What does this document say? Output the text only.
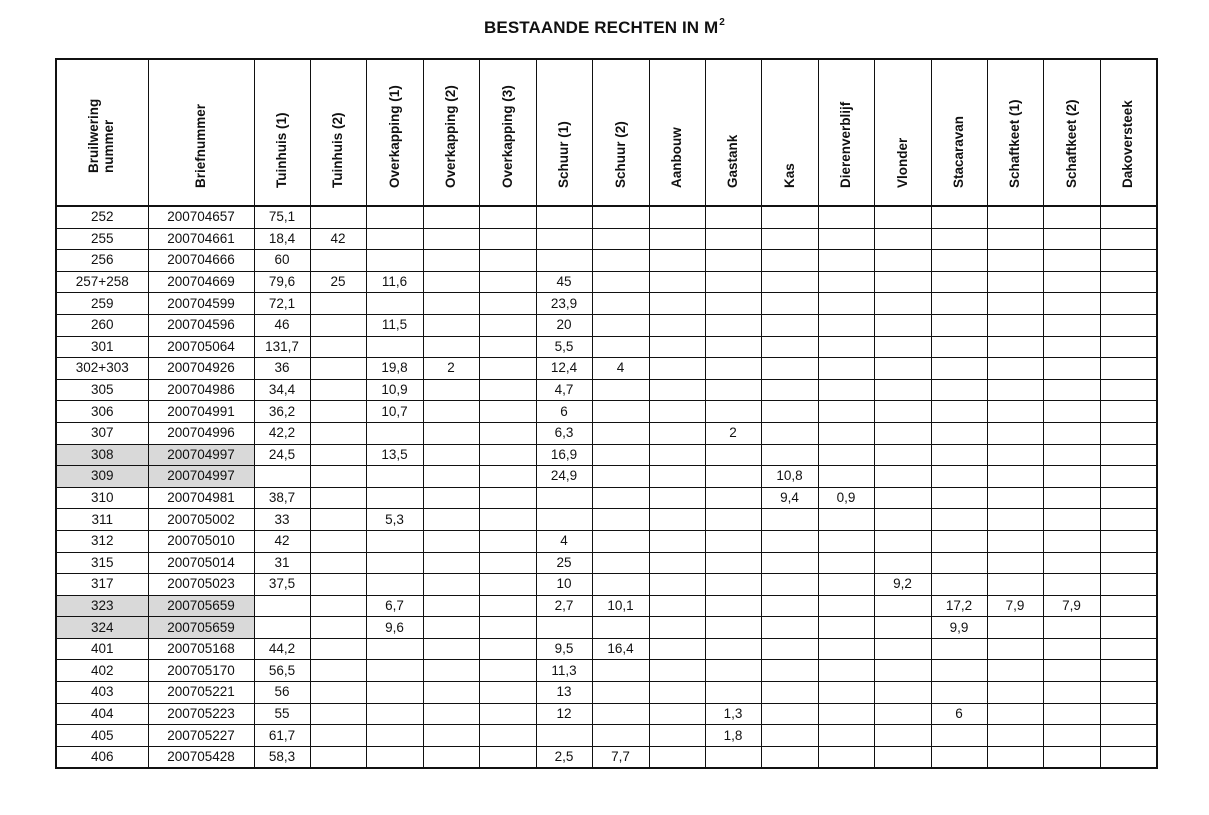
BESTAANDE RECHTEN IN $M^2$
Bruilwering nummer	Briefnummer	Tuinhuis (1)	Tuinhuis (2)	Overkapping (1)	Overkapping (2)	Overkapping (3)	Schuur (1)	Schuur (2)	Aanbouw	Gastank	Kas	Dierenverblijf	Vlonder	Stacaravan	Schaftkeet (1)	Schaftkeet (2)	Dakoversteek

252	200704657	75,1															
255	200704661	18,4	42														
256	200704666	60															
257+258	200704669	79,6	25	11,6			45										
259	200704599	72,1					23,9										
260	200704596	46		11,5			20										
301	200705064	131,7					5,5										
302+303	200704926	36		19,8	2		12,4	4									
305	200704986	34,4		10,9			4,7										
306	200704991	36,2		10,7			6										
307	200704996	42,2					6,3			2							
308	200704997	24,5		13,5			16,9										
309	200704997						24,9				10,8						
310	200704981	38,7									9,4	0,9					
311	200705002	33		5,3													
312	200705010	42					4										
315	200705014	31					25										
317	200705023	37,5					10						9,2				
323	200705659			6,7			2,7	10,1						17,2	7,9	7,9	
324	200705659			9,6										9,9			
401	200705168	44,2					9,5	16,4									
402	200705170	56,5					11,3										
403	200705221	56					13										
404	200705223	55					12			1,3				6			
405	200705227	61,7								1,8							
406	200705428	58,3					2,5	7,7									
